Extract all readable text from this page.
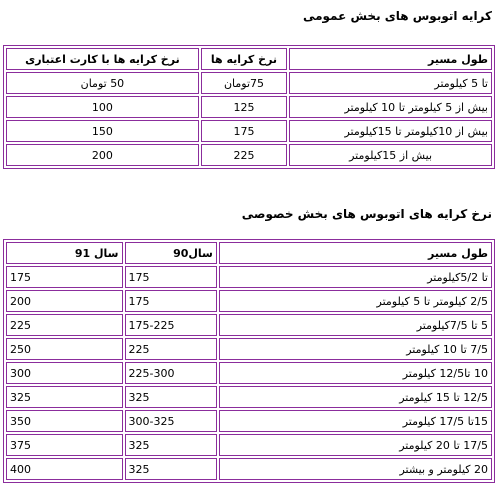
کرایه اتوبوس های بخش عمومی
طول مسیر	نرخ کرایه ها	نرخ کرایه ها با کارت اعتباری
تا 5 کیلومتر	75تومان	50 تومان
بیش از 5 کیلومتر تا 10 کیلومتر	125	100
بیش از 10کیلومتر تا 15کیلومتر	175	150
بیش از 15کیلومتر	225	200
نرخ کرایه های اتوبوس های بخش خصوصی
طول مسیر	سال90	سال 91
تا 5/2کیلومتر	175	175
2/5 کیلومتر تا 5 کیلومتر	175	200
5 تا 7/5کیلومتر	175-225	225
7/5 تا 10 کیلومتر	225	250
10 تا12/5 کیلومتر	225-300	300
12/5 تا 15 کیلومتر	325	325
15تا 17/5 کیلومتر	300-325	350
17/5 تا 20 کیلومتر	325	375
20 کیلومتر و بیشتر	325	400
